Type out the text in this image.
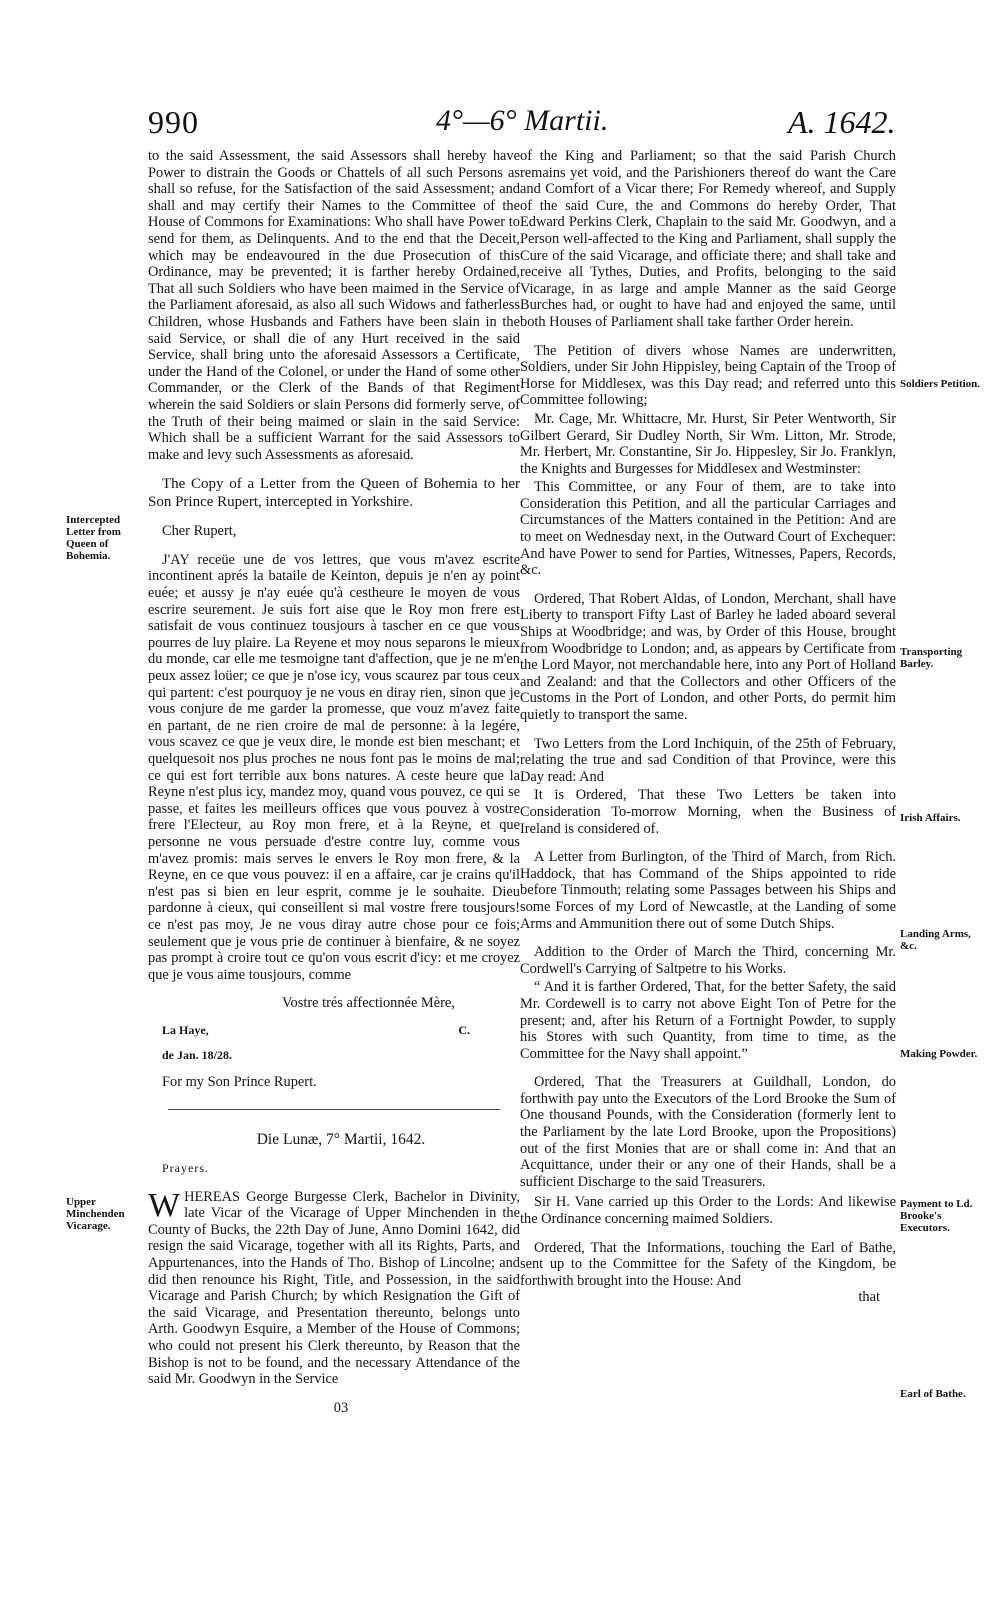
990	4°—6° Martii.	A. 1642.
Intercepted Letter from Queen of Bohemia.
Upper Minchenden Vicarage.
Soldiers Petition.
Transporting Barley.
Irish Affairs.
Landing Arms, &c.
Making Powder.
Payment to Ld. Brooke's Executors.
Earl of Bathe.

to the said Assessment, the said Assessors shall hereby have Power to distrain the Goods or Chattels of all such Persons as shall so refuse, for the Satisfaction of the said Assessment; and shall and may certify their Names to the Committee of the House of Commons for Examinations: Who shall have Power to send for them, as Delinquents. And to the end that the Deceit, which may be endeavoured in the due Prosecution of this Ordinance, may be prevented; it is farther hereby Ordained, That all such Soldiers who have been maimed in the Service of the Parliament aforesaid, as also all such Widows and fatherless Children, whose Husbands and Fathers have been slain in the said Service, or shall die of any Hurt received in the said Service, shall bring unto the aforesaid Assessors a Certificate, under the Hand of the Colonel, or under the Hand of some other Commander, or the Clerk of the Bands of that Regiment wherein the said Soldiers or slain Persons did formerly serve, of the Truth of their being maimed or slain in the said Service: Which shall be a sufficient Warrant for the said Assessors to make and levy such Assessments as aforesaid.

The Copy of a Letter from the Queen of Bohemia to her Son Prince Rupert, intercepted in Yorkshire.

Cher Rupert,

J'AY receüe une de vos lettres, que vous m'avez escrite incontinent aprés la bataile de Keinton, depuis je n'en ay point euée; et aussy je n'ay euée qu'à cestheure le moyen de vous escrire seurement. Je suis fort aise que le Roy mon frere est satisfait de vous continuez tousjours à tascher en ce que vous pourres de luy plaire. La Reyene et moy nous separons le mieux du monde, car elle me tesmoigne tant d'affection, que je ne m'en peux assez loüer; ce que je n'ose icy, vous scaurez par tous ceux qui partent: c'est pourquoy je ne vous en diray rien, sinon que je vous conjure de me garder la promesse, que vouz m'avez faite en partant, de ne rien croire de mal de personne: à la legére, vous scavez ce que je veux dire, le monde est bien meschant; et quelquesoit nos plus proches ne nous font pas le moins de mal; ce qui est fort terrible aux bons natures. A ceste heure que la Reyne n'est plus icy, mandez moy, quand vous pouvez, ce qui se passe, et faites les meilleurs offices que vous pouvez à vostre frere l'Electeur, au Roy mon frere, et à la Reyne, et que personne ne vous persuade d'estre contre luy, comme vous m'avez promis: mais serves le envers le Roy mon frere, & la Reyne, en ce que vous pouvez: il en a affaire, car je crains qu'il n'est pas si bien en leur esprit, comme je le souhaite. Dieu pardonne à cieux, qui conseillent si mal vostre frere tousjours! ce n'est pas moy, Je ne vous diray autre chose pour ce fois; seulement que je vous prie de continuer à bienfaire, & ne soyez pas prompt à croire tout ce qu'on vous escrit d'icy: et me croyez que je vous aime tousjours, comme

Vostre trés affectionnée Mère,

La Haye,	C.

de Jan. 18/28.

For my Son Prince Rupert.

Die Lunæ, 7° Martii, 1642.

Prayers.

WHEREAS George Burgesse Clerk, Bachelor in Divinity, late Vicar of the Vicarage of Upper Minchenden in the County of Bucks, the 22th Day of June, Anno Domini 1642, did resign the said Vicarage, together with all its Rights, Parts, and Appurtenances, into the Hands of Tho. Bishop of Lincolne; and did then renounce his Right, Title, and Possession, in the said Vicarage and Parish Church; by which Resignation the Gift of the said Vicarage, and Presentation thereunto, belongs unto Arth. Goodwyn Esquire, a Member of the House of Commons; who could not present his Clerk thereunto, by Reason that the Bishop is not to be found, and the necessary Attendance of the said Mr. Goodwyn in the Service

03

of the King and Parliament; so that the said Parish Church remains yet void, and the Parishioners thereof do want the Care and Comfort of a Vicar there; For Remedy whereof, and Supply of the said Cure, the and Commons do hereby Order, That Edward Perkins Clerk, Chaplain to the said Mr. Goodwyn, and a Person well-affected to the King and Parliament, shall supply the Cure of the said Vicarage, and officiate there; and shall take and receive all Tythes, Duties, and Profits, belonging to the said Vicarage, in as large and ample Manner as the said George Burches had, or ought to have had and enjoyed the same, until both Houses of Parliament shall take farther Order herein.

The Petition of divers whose Names are underwritten, Soldiers, under Sir John Hippisley, being Captain of the Troop of Horse for Middlesex, was this Day read; and referred unto this Committee following;

Mr. Cage, Mr. Whittacre, Mr. Hurst, Sir Peter Wentworth, Sir Gilbert Gerard, Sir Dudley North, Sir Wm. Litton, Mr. Strode, Mr. Herbert, Mr. Constantine, Sir Jo. Hippesley, Sir Jo. Franklyn, the Knights and Burgesses for Middlesex and Westminster:

This Committee, or any Four of them, are to take into Consideration this Petition, and all the particular Carriages and Circumstances of the Matters contained in the Petition: And are to meet on Wednesday next, in the Outward Court of Exchequer: And have Power to send for Parties, Witnesses, Papers, Records, &c.

Ordered, That Robert Aldas, of London, Merchant, shall have Liberty to transport Fifty Last of Barley he laded aboard several Ships at Woodbridge; and was, by Order of this House, brought from Woodbridge to London; and, as appears by Certificate from the Lord Mayor, not merchandable here, into any Port of Holland and Zealand: and that the Collectors and other Officers of the Customs in the Port of London, and other Ports, do permit him quietly to transport the same.

Two Letters from the Lord Inchiquin, of the 25th of February, relating the true and sad Condition of that Province, were this Day read: And

It is Ordered, That these Two Letters be taken into Consideration To-morrow Morning, when the Business of Ireland is considered of.

A Letter from Burlington, of the Third of March, from Rich. Haddock, that has Command of the Ships appointed to ride before Tinmouth; relating some Passages between his Ships and some Forces of my Lord of Newcastle, at the Landing of some Arms and Ammunition there out of some Dutch Ships.

Addition to the Order of March the Third, concerning Mr. Cordwell's Carrying of Saltpetre to his Works.

“ And it is farther Ordered, That, for the better Safety, the said Mr. Cordewell is to carry not above Eight Ton of Petre for the present; and, after his Return of a Fortnight Powder, to supply his Stores with such Quantity, from time to time, as the Committee for the Navy shall appoint.”

Ordered, That the Treasurers at Guildhall, London, do forthwith pay unto the Executors of the Lord Brooke the Sum of One thousand Pounds, with the Consideration (formerly lent to the Parliament by the late Lord Brooke, upon the Propositions) out of the first Monies that are or shall come in: And that an Acquittance, under their or any one of their Hands, shall be a sufficient Discharge to the said Treasurers.

Sir H. Vane carried up this Order to the Lords: And likewise the Ordinance concerning maimed Soldiers.

Ordered, That the Informations, touching the Earl of Bathe, sent up to the Committee for the Safety of the Kingdom, be forthwith brought into the House: And

that
